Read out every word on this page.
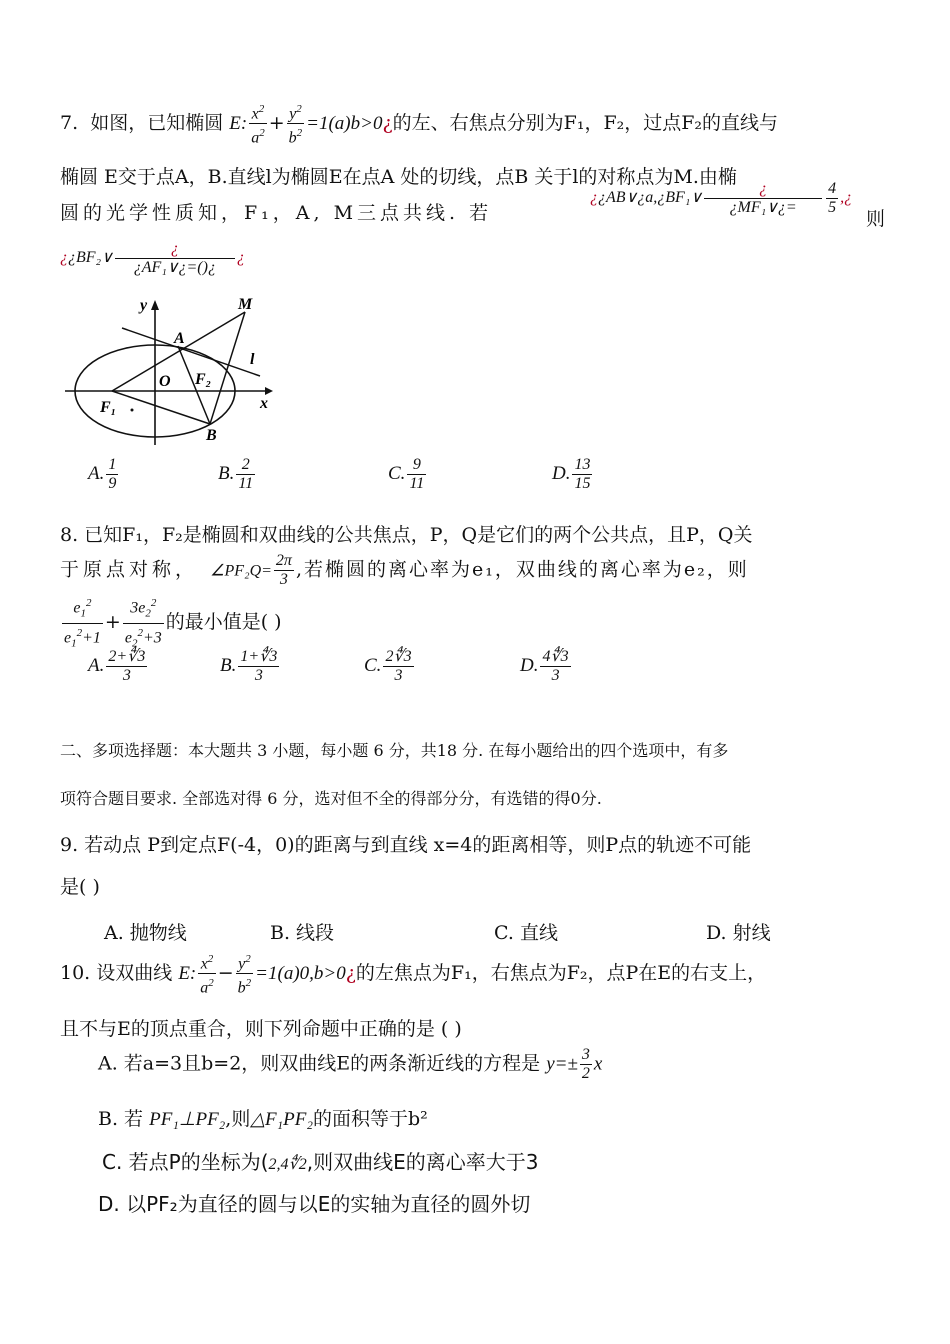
7. 如图，已知椭圆 E: $\frac{x^2}{a^2} + \frac{y^2}{b^2}$ =1(a)b>0¿的左、右焦点分别为F₁，F₂，过点F₂的直线与
椭圆 E交于点A，B.直线l为椭圆E在点A 处的切线，点B 关于l的对称点为M.由椭
圆的光学性质知，F₁，A, M三点共线. 若
¿¿AB∨¿a,¿BF₁∨ $\frac{¿}{\text{¿MF₁∨¿=}} \frac{4}{5}$ ,¿
则
¿¿BF₂∨ $\frac{¿}{\text{¿AF₁∨¿=()¿}}$ ¿
y
x
O
A
B
M
l
F₁
F₂
A. $\frac{1}{9}$	B. $\frac{2}{11}$	C. $\frac{9}{11}$	D. $\frac{13}{15}$
8. 已知F₁，F₂是椭圆和双曲线的公共焦点，P，Q是它们的两个公共点，且P，Q关
于原点对称， ∠PF₂Q= $\frac{2\pi}{3}$ ,若椭圆的离心率为e₁，双曲线的离心率为e₂，则
$\frac{e_1^2}{e_1^2+1} + \frac{3e_2^2}{e_2^2+3}$ 的最小值是( )
A. $\frac{2+∜3}{3}$	B. $\frac{1+∜3}{3}$	C. $\frac{2∜3}{3}$	D. $\frac{4∜3}{3}$
二、多项选择题：本大题共 3 小题，每小题 6 分，共18 分. 在每小题给出的四个选项中，有多
项符合题目要求. 全部选对得 6 分，选对但不全的得部分分，有选错的得0分.
9. 若动点 P到定点F(-4，0)的距离与到直线 x=4的距离相等，则P点的轨迹不可能
是( )
A. 抛物线	B. 线段	C. 直线	D. 射线
10. 设双曲线 E: $\frac{x^2}{a^2} - \frac{y^2}{b^2}$ =1(a)0,b>0¿的左焦点为F₁，右焦点为F₂，点P在E的右支上，
且不与E的顶点重合，则下列命题中正确的是 ( )
A. 若a=3且b=2，则双曲线E的两条渐近线的方程是 $y=\pm \frac{3}{2}$ x
B. 若 PF₁⊥PF₂,则△F₁PF₂的面积等于b²
C. 若点P的坐标为(2,4∜2,则双曲线E的离心率大于3
D. 以PF₂为直径的圆与以E的实轴为直径的圆外切
